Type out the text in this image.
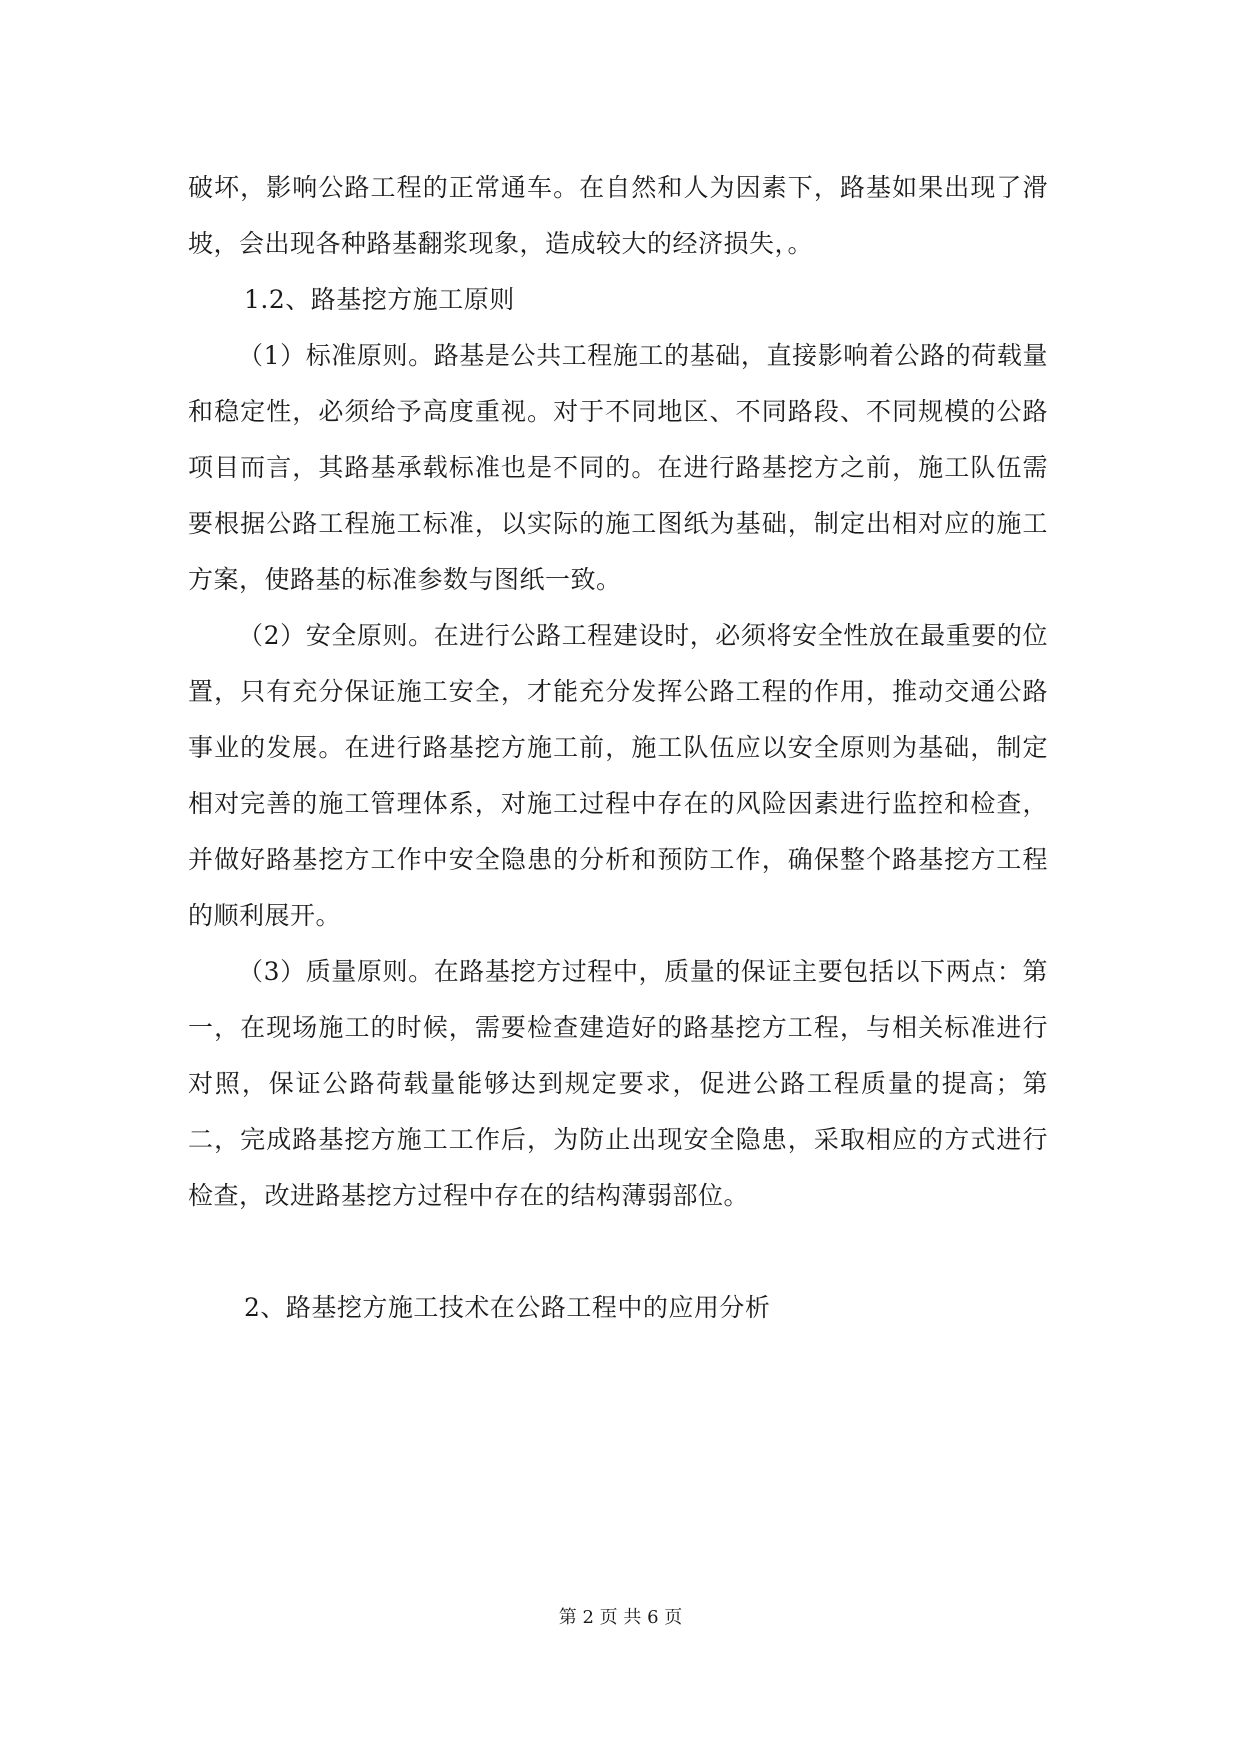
破坏，影响公路工程的正常通车。在自然和人为因素下，路基如果出现了滑坡，会出现各种路基翻浆现象，造成较大的经济损失，。

1.2、路基挖方施工原则

（1）标准原则。路基是公共工程施工的基础，直接影响着公路的荷载量和稳定性，必须给予高度重视。对于不同地区、不同路段、不同规模的公路项目而言，其路基承载标准也是不同的。在进行路基挖方之前，施工队伍需要根据公路工程施工标准，以实际的施工图纸为基础，制定出相对应的施工方案，使路基的标准参数与图纸一致。

（2）安全原则。在进行公路工程建设时，必须将安全性放在最重要的位置，只有充分保证施工安全，才能充分发挥公路工程的作用，推动交通公路事业的发展。在进行路基挖方施工前，施工队伍应以安全原则为基础，制定相对完善的施工管理体系，对施工过程中存在的风险因素进行监控和检查，并做好路基挖方工作中安全隐患的分析和预防工作，确保整个路基挖方工程的顺利展开。

（3）质量原则。在路基挖方过程中，质量的保证主要包括以下两点：第一，在现场施工的时候，需要检查建造好的路基挖方工程，与相关标准进行对照，保证公路荷载量能够达到规定要求，促进公路工程质量的提高；第二，完成路基挖方施工工作后，为防止出现安全隐患，采取相应的方式进行检查，改进路基挖方过程中存在的结构薄弱部位。

2、路基挖方施工技术在公路工程中的应用分析

第 2 页 共 6 页
